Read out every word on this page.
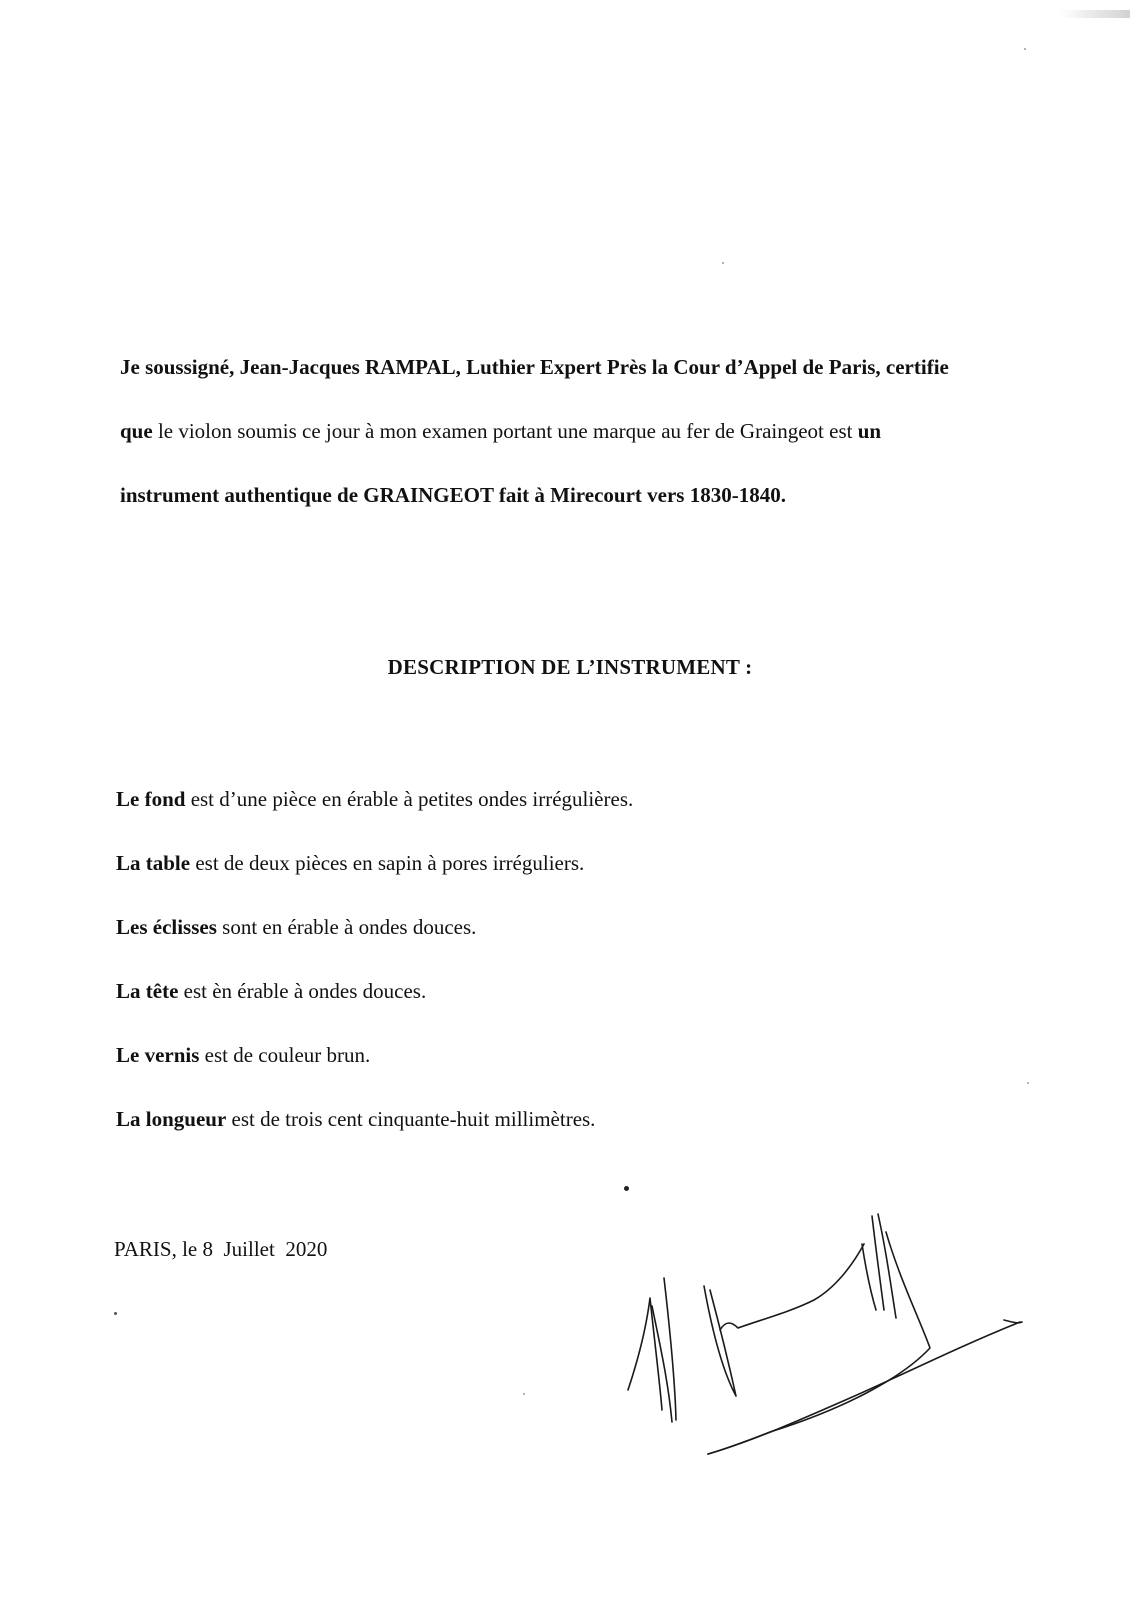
Je soussigné, Jean-Jacques RAMPAL, Luthier Expert Près la Cour d’Appel de Paris, certifie

que le violon soumis ce jour à mon examen portant une marque au fer de Graingeot est un

instrument authentique de GRAINGEOT fait à Mirecourt vers 1830-1840.

DESCRIPTION DE L’INSTRUMENT :
Le fond est d’une pièce en érable à petites ondes irrégulières.
La table est de deux pièces en sapin à pores irréguliers.
Les éclisses sont en érable à ondes douces.
La tête est èn érable à ondes douces.
Le vernis est de couleur brun.
La longueur est de trois cent cinquante-huit millimètres.
PARIS, le 8  Juillet  2020
